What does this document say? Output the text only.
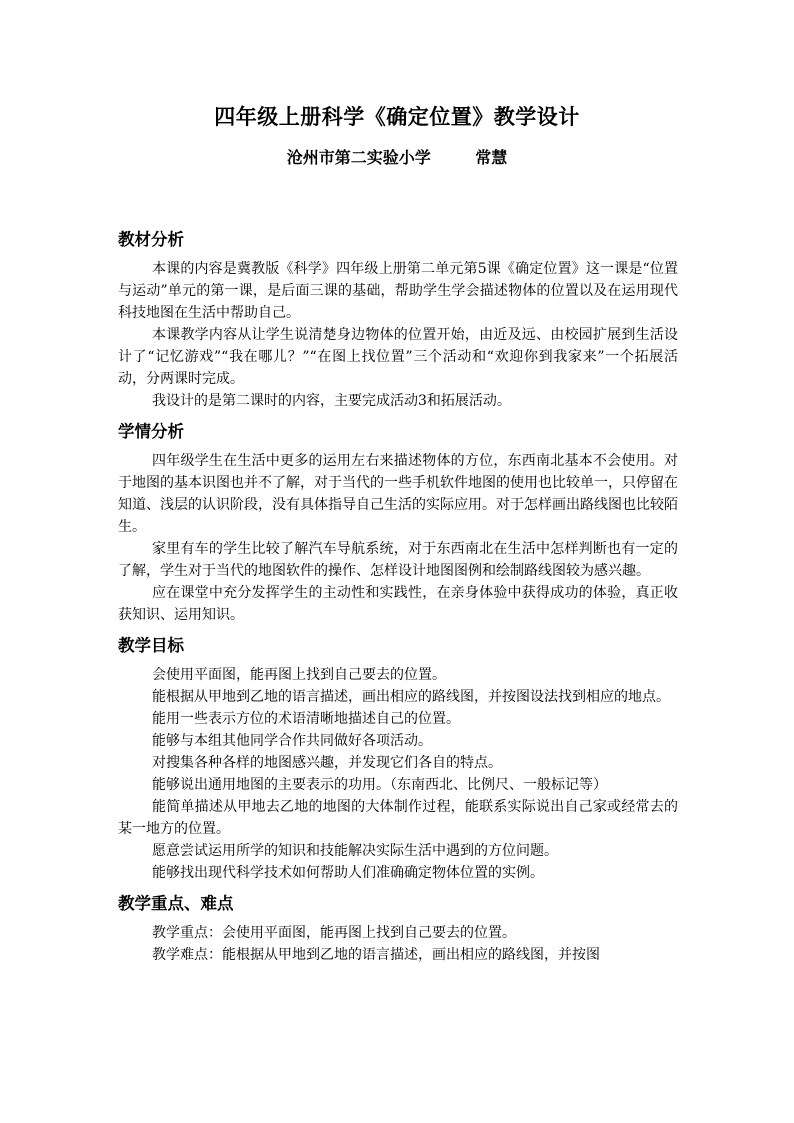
四年级上册科学《确定位置》教学设计
沧州市第二实验小学        常慧
教材分析

本课的内容是冀教版《科学》四年级上册第二单元第5课《确定位置》这一课是“位置与运动”单元的第一课，是后面三课的基础，帮助学生学会描述物体的位置以及在运用现代科技地图在生活中帮助自己。

本课教学内容从让学生说清楚身边物体的位置开始，由近及远、由校园扩展到生活设计了“记忆游戏”“我在哪儿？”“在图上找位置”三个活动和“欢迎你到我家来”一个拓展活动，分两课时完成。

我设计的是第二课时的内容，主要完成活动3和拓展活动。

学情分析

四年级学生在生活中更多的运用左右来描述物体的方位，东西南北基本不会使用。对于地图的基本识图也并不了解，对于当代的一些手机软件地图的使用也比较单一，只停留在知道、浅层的认识阶段，没有具体指导自己生活的实际应用。对于怎样画出路线图也比较陌生。

家里有车的学生比较了解汽车导航系统，对于东西南北在生活中怎样判断也有一定的了解，学生对于当代的地图软件的操作、怎样设计地图图例和绘制路线图较为感兴趣。

应在课堂中充分发挥学生的主动性和实践性，在亲身体验中获得成功的体验，真正收获知识、运用知识。

教学目标

会使用平面图，能再图上找到自己要去的位置。

能根据从甲地到乙地的语言描述，画出相应的路线图，并按图设法找到相应的地点。

能用一些表示方位的术语清晰地描述自己的位置。

能够与本组其他同学合作共同做好各项活动。

对搜集各种各样的地图感兴趣，并发现它们各自的特点。

能够说出通用地图的主要表示的功用。（东南西北、比例尺、一般标记等）

能简单描述从甲地去乙地的地图的大体制作过程，能联系实际说出自己家或经常去的某一地方的位置。

愿意尝试运用所学的知识和技能解决实际生活中遇到的方位问题。

能够找出现代科学技术如何帮助人们准确确定物体位置的实例。

教学重点、难点

教学重点：会使用平面图，能再图上找到自己要去的位置。

教学难点：能根据从甲地到乙地的语言描述，画出相应的路线图，并按图
